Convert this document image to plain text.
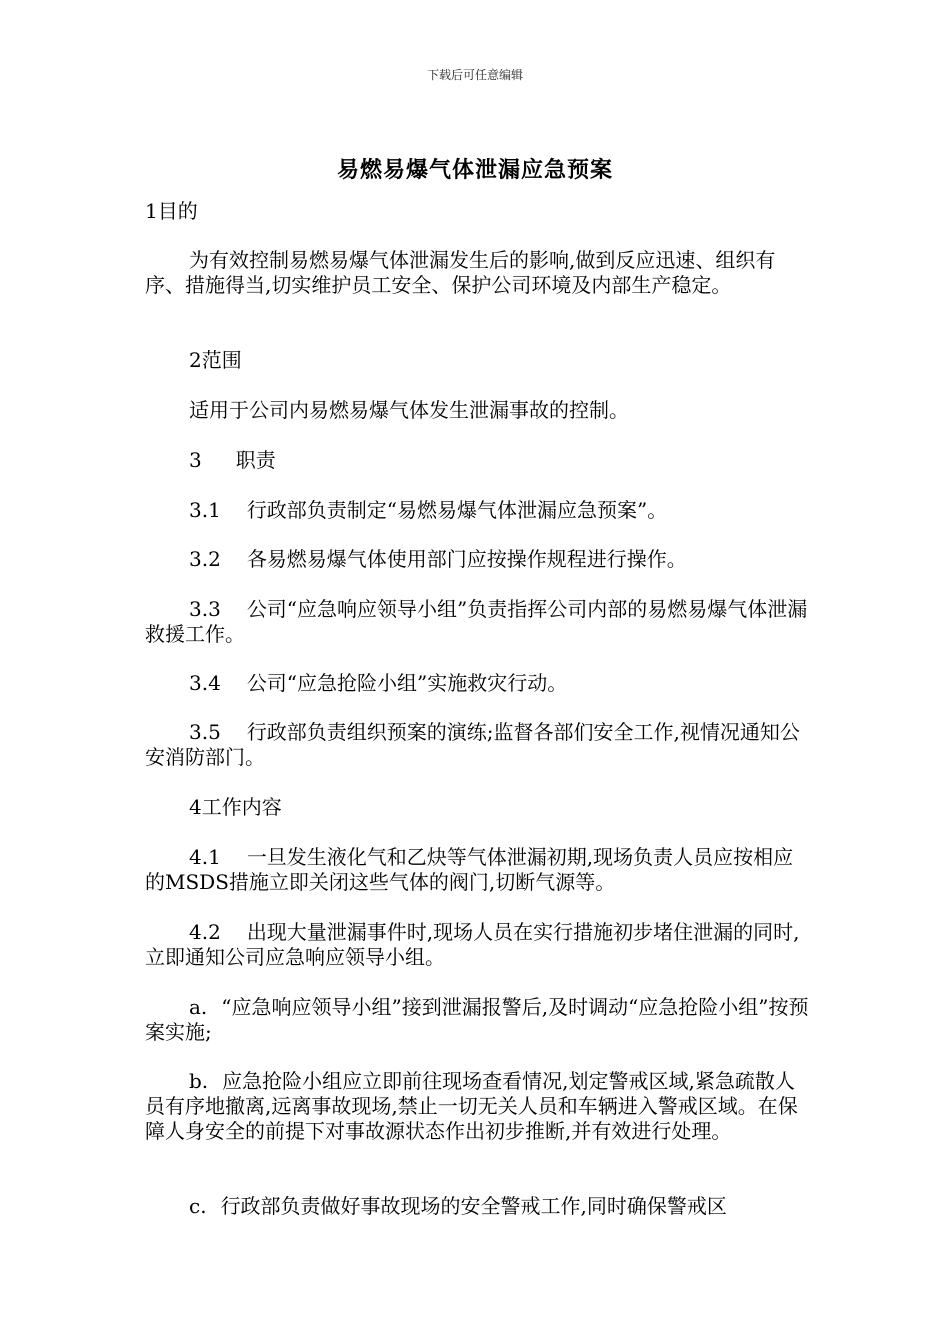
下载后可任意编辑
易燃易爆气体泄漏应急预案

1目的

为有效控制易燃易爆气体泄漏发生后的影响,做到反应迅速、组织有序、措施得当,切实维护员工安全、保护公司环境及内部生产稳定。

2范围

适用于公司内易燃易爆气体发生泄漏事故的控制。

3 职责

3.1 行政部负责制定“易燃易爆气体泄漏应急预案”。

3.2 各易燃易爆气体使用部门应按操作规程进行操作。

3.3 公司“应急响应领导小组”负责指挥公司内部的易燃易爆气体泄漏救援工作。

3.4 公司“应急抢险小组”实施救灾行动。

3.5 行政部负责组织预案的演练;监督各部们安全工作,视情况通知公安消防部门。

4工作内容

4.1 一旦发生液化气和乙炔等气体泄漏初期,现场负责人员应按相应的MSDS措施立即关闭这些气体的阀门,切断气源等。

4.2 出现大量泄漏事件时,现场人员在实行措施初步堵住泄漏的同时,立即通知公司应急响应领导小组。

a. “应急响应领导小组”接到泄漏报警后,及时调动“应急抢险小组”按预案实施;

b. 应急抢险小组应立即前往现场查看情况,划定警戒区域,紧急疏散人员有序地撤离,远离事故现场,禁止一切无关人员和车辆进入警戒区域。在保障人身安全的前提下对事故源状态作出初步推断,并有效进行处理。

c. 行政部负责做好事故现场的安全警戒工作,同时确保警戒区
